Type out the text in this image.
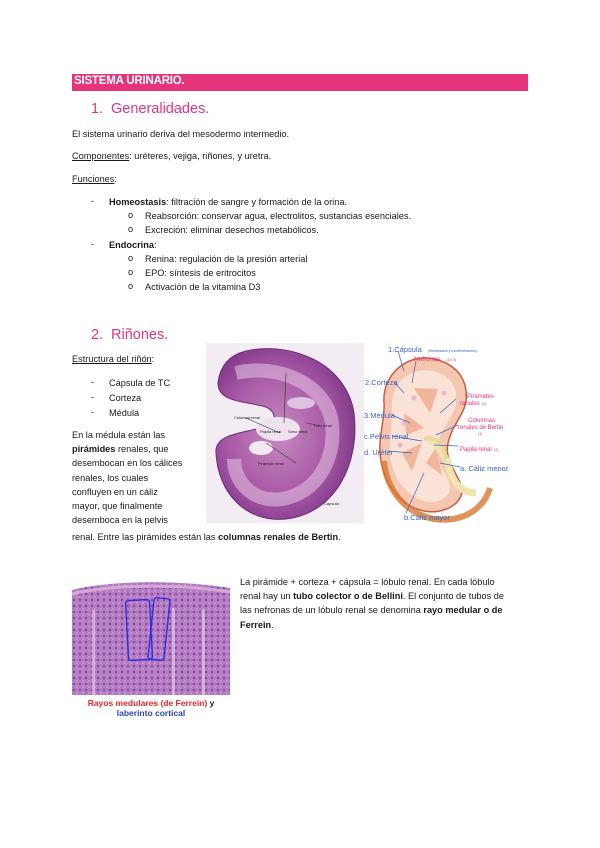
SISTEMA URINARIO.
1. Generalidades.
El sistema urinario deriva del mesodermo intermedio.
Componentes: uréteres, vejiga, riñones, y uretra.
Funciones:
- Homeostasis: filtración de sangre y formación de la orina.
o Reabsorción: conservar agua, electrolitos, sustancias esenciales.
o Excreción: eliminar desechos metabólicos.
- Endocrina:
o Renina: regulación de la presión arterial
o EPO: síntesis de eritrocitos
o Activación de la vitamina D3
2. Riñones.
Estructura del riñón:
- Cápsula de TC
- Corteza
- Médula
En la médula están las
pirámides renales, que
desembocan en los cálices
renales, los cuales
confluyen en un cáliz
mayor, que finalmente
desemboca en la pelvis
renal. Entre las pirámides están las columnas renales de Bertin.
Columna renal
Papila renal Seno renal
Hilio renal
Pirámide renal
Cápsula
1.Cápsula (fibroblastos y miofibroblastos)
Nefronas (1 y 3)
2.Corteza
Pirámides
renales (2)
3.Médula
Columnas
renales de Bertin
(3)
c.Pelvis renal
Papila renal (2)
d. Uréter
a. Cáliz menor
b.Cáliz mayor
Rayos medulares (de Ferrein) y
laberinto cortical
La pirámide + corteza + cápsula = lóbulo renal. En cada lóbulo
renal hay un tubo colector o de Bellini. El conjunto de tubos de
las nefronas de un lóbulo renal se denomina rayo medular o de
Ferrein.
